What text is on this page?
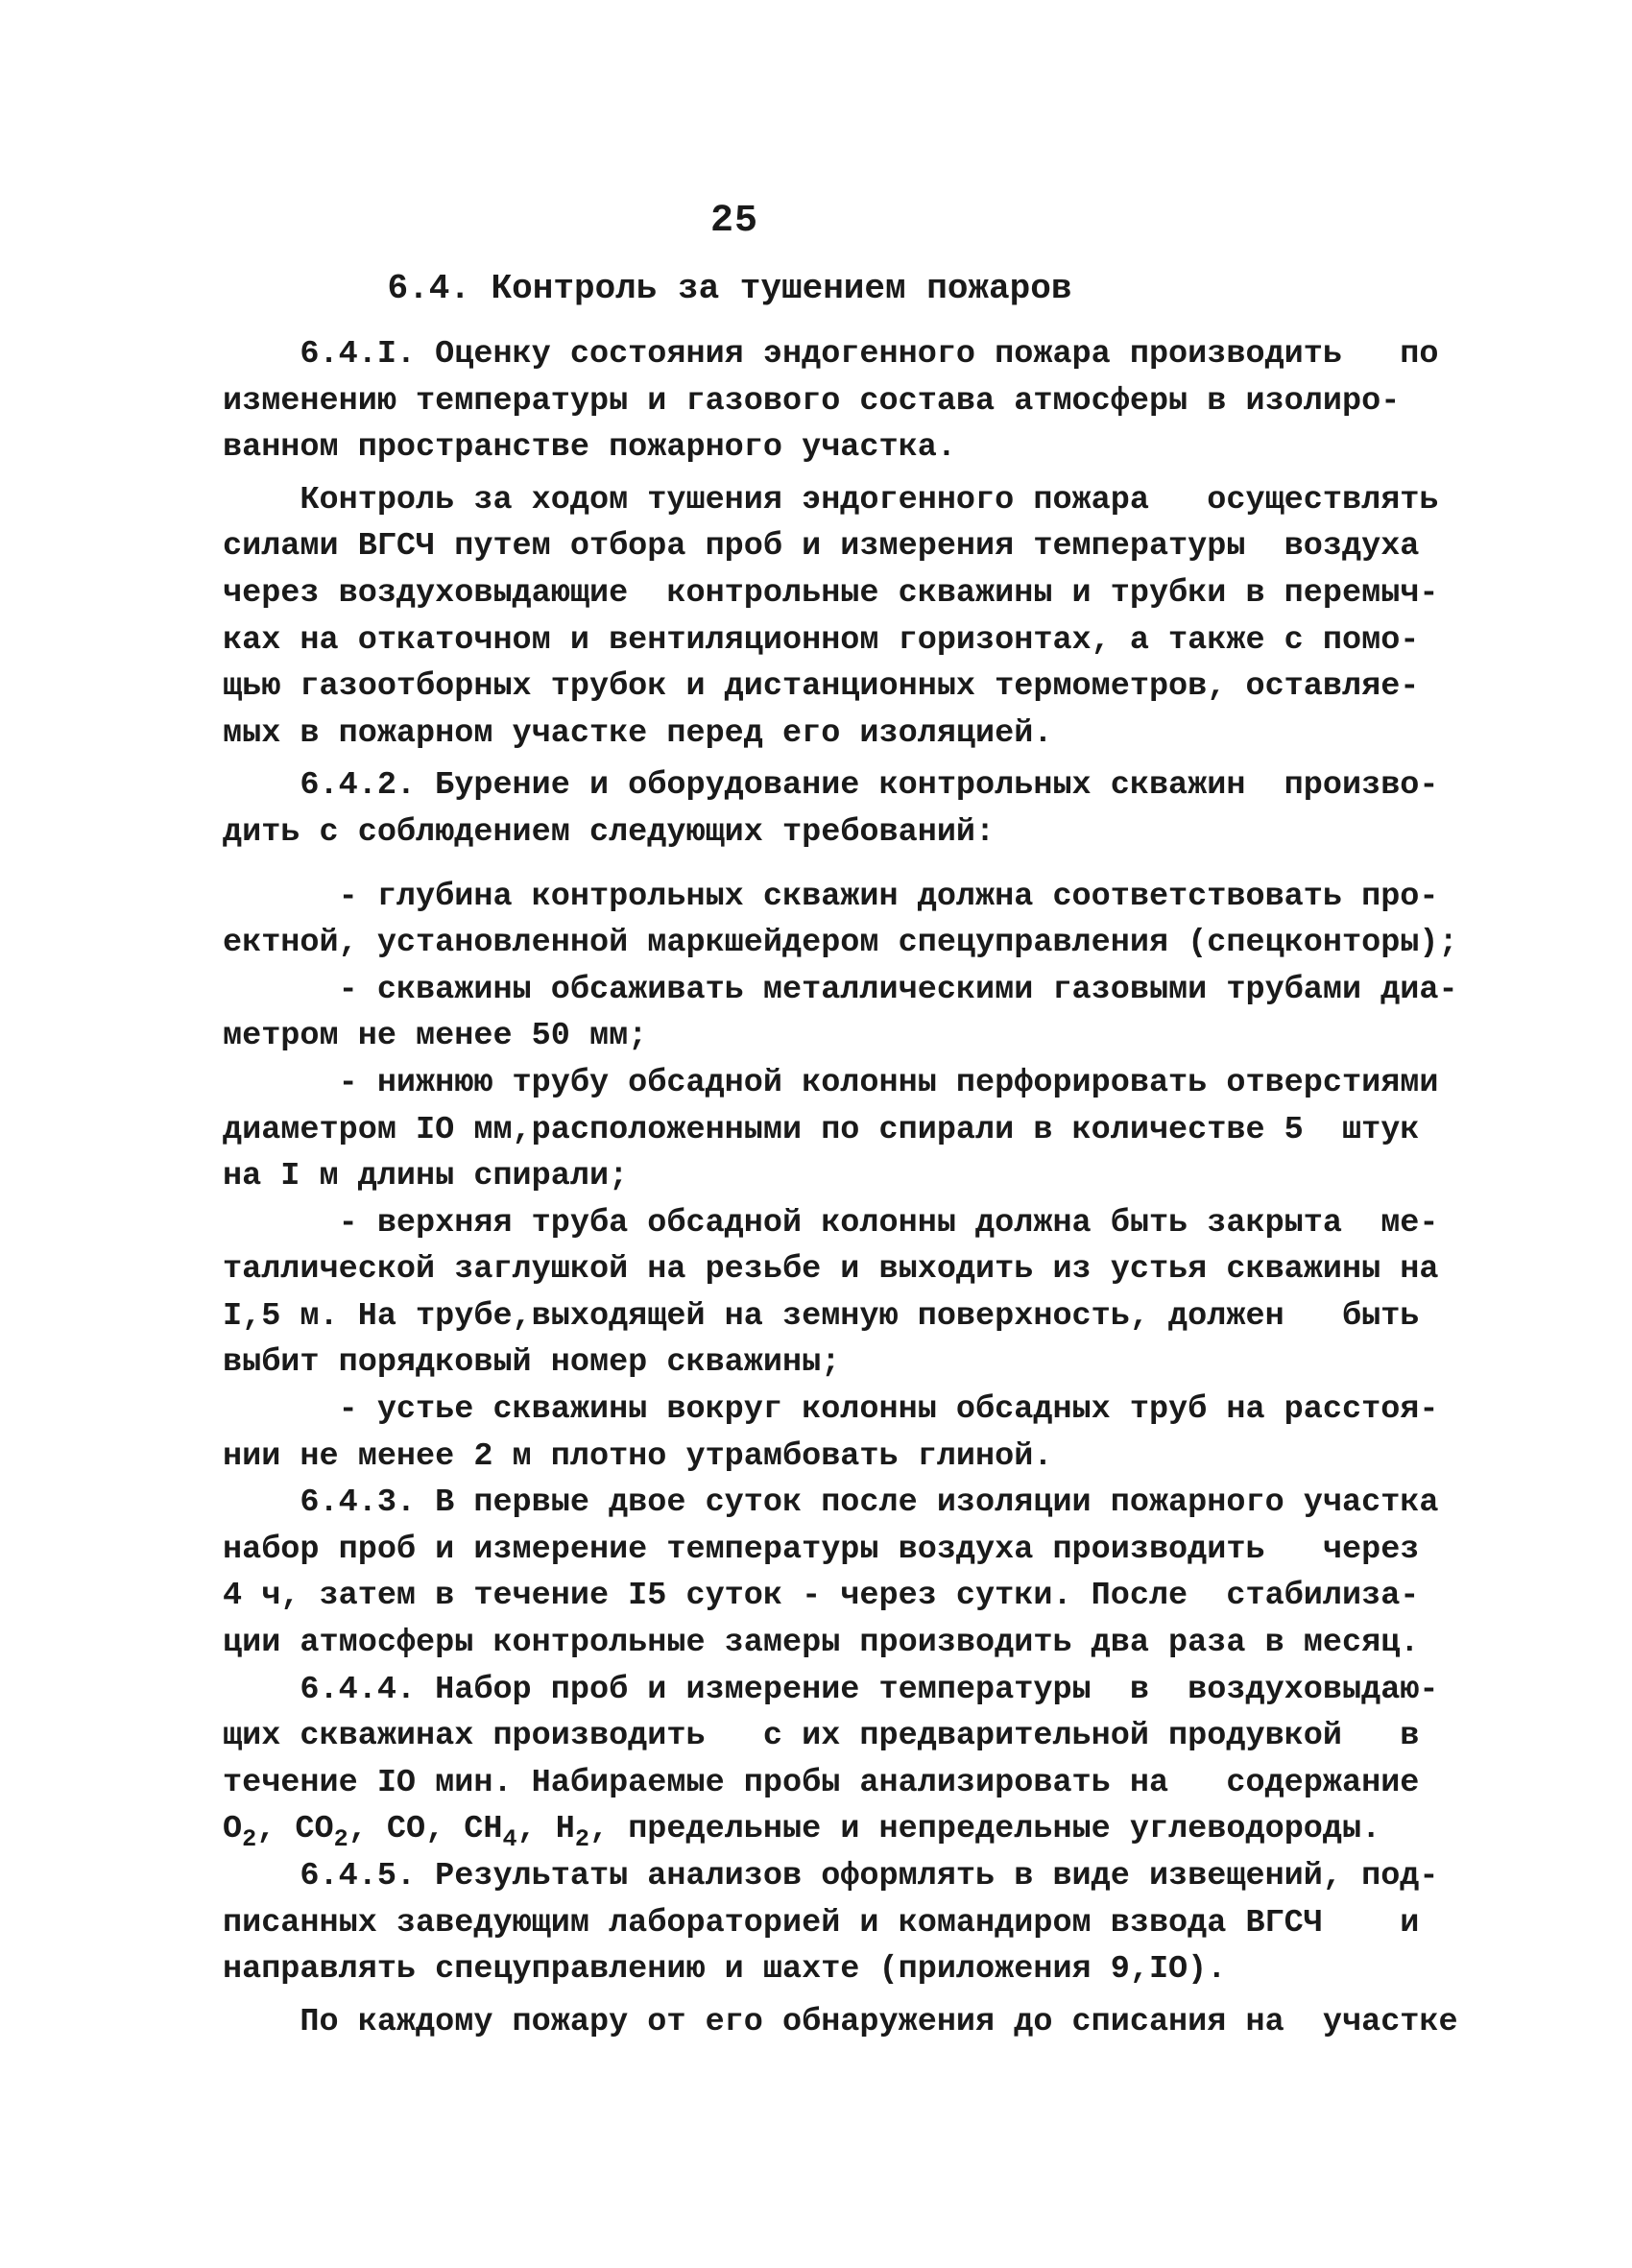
25
6.4. Контроль за тушением пожаров
6.4.I. Оценку состояния эндогенного пожара производить   по
изменению температуры и газового состава атмосферы в изолиро-
ванном пространстве пожарного участка.
Контроль за ходом тушения эндогенного пожара   осуществлять
силами ВГСЧ путем отбора проб и измерения температуры  воздуха
через воздуховыдающие  контрольные скважины и трубки в перемыч-
ках на откаточном и вентиляционном горизонтах, а также с помо-
щью газоотборных трубок и дистанционных термометров, оставляе-
мых в пожарном участке перед его изоляцией.
6.4.2. Бурение и оборудование контрольных скважин  произво-
дить с соблюдением следующих требований:
- глубина контрольных скважин должна соответствовать про-
ектной, установленной маркшейдером спецуправления (спецконторы);
- скважины обсаживать металлическими газовыми трубами диа-
метром не менее 50 мм;
- нижнюю трубу обсадной колонны перфорировать отверстиями
диаметром IO мм,расположенными по спирали в количестве 5  штук
на I м длины спирали;
- верхняя труба обсадной колонны должна быть закрыта  ме-
таллической заглушкой на резьбе и выходить из устья скважины на
I,5 м. На трубе,выходящей на земную поверхность, должен   быть
выбит порядковый номер скважины;
- устье скважины вокруг колонны обсадных труб на расстоя-
нии не менее 2 м плотно утрамбовать глиной.
6.4.3. В первые двое суток после изоляции пожарного участка
набор проб и измерение температуры воздуха производить   через
4 ч, затем в течение I5 суток - через сутки. После  стабилиза-
ции атмосферы контрольные замеры производить два раза в месяц.
6.4.4. Набор проб и измерение температуры  в  воздуховыдаю-
щих скважинах производить   с их предварительной продувкой   в
течение IO мин. Набираемые пробы анализировать на   содержание
$O_2$, $CO_2$, CO, $CH_4$, $H_2$, предельные и непредельные углеводороды.
6.4.5. Результаты анализов оформлять в виде извещений, под-
писанных заведующим лабораторией и командиром взвода ВГСЧ    и
направлять спецуправлению и шахте (приложения 9,IO).
По каждому пожару от его обнаружения до списания на  участке
